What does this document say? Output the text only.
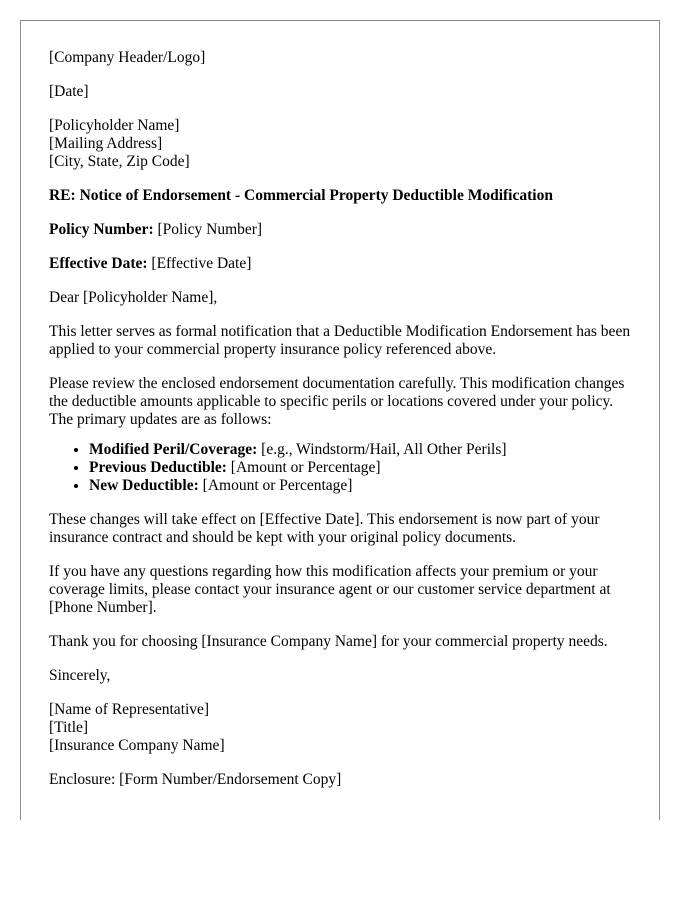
[Company Header/Logo]

[Date]

[Policyholder Name]
[Mailing Address]
[City, State, Zip Code]

RE: Notice of Endorsement - Commercial Property Deductible Modification

Policy Number: [Policy Number]

Effective Date: [Effective Date]

Dear [Policyholder Name],

This letter serves as formal notification that a Deductible Modification Endorsement has been applied to your commercial property insurance policy referenced above.

Please review the enclosed endorsement documentation carefully. This modification changes the deductible amounts applicable to specific perils or locations covered under your policy. The primary updates are as follows:

• Modified Peril/Coverage: [e.g., Windstorm/Hail, All Other Perils]
• Previous Deductible: [Amount or Percentage]
• New Deductible: [Amount or Percentage]

These changes will take effect on [Effective Date]. This endorsement is now part of your insurance contract and should be kept with your original policy documents.

If you have any questions regarding how this modification affects your premium or your coverage limits, please contact your insurance agent or our customer service department at [Phone Number].

Thank you for choosing [Insurance Company Name] for your commercial property needs.

Sincerely,

[Name of Representative]
[Title]
[Insurance Company Name]

Enclosure: [Form Number/Endorsement Copy]
